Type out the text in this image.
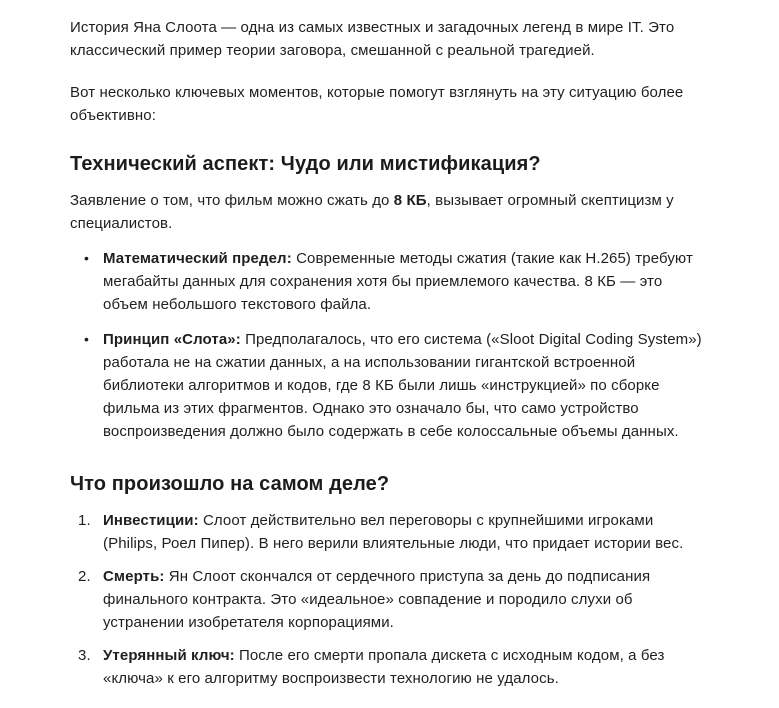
История Яна Слоота — одна из самых известных и загадочных легенд в мире IT. Это классический пример теории заговора, смешанной с реальной трагедией.

Вот несколько ключевых моментов, которые помогут взглянуть на эту ситуацию более объективно:

Технический аспект: Чудо или мистификация?

Заявление о том, что фильм можно сжать до 8 КБ, вызывает огромный скептицизм у специалистов.

• Математический предел: Современные методы сжатия (такие как H.265) требуют мегабайты данных для сохранения хотя бы приемлемого качества. 8 КБ — это объем небольшого текстового файла.
• Принцип «Слота»: Предполагалось, что его система («Sloot Digital Coding System») работала не на сжатии данных, а на использовании гигантской встроенной библиотеки алгоритмов и кодов, где 8 КБ были лишь «инструкцией» по сборке фильма из этих фрагментов. Однако это означало бы, что само устройство воспроизведения должно было содержать в себе колоссальные объемы данных.
Что произошло на самом деле?
1. Инвестиции: Слоот действительно вел переговоры с крупнейшими игроками (Philips, Роел Пипер). В него верили влиятельные люди, что придает истории вес.
2. Смерть: Ян Слоот скончался от сердечного приступа за день до подписания финального контракта. Это «идеальное» совпадение и породило слухи об устранении изобретателя корпорациями.
3. Утерянный ключ: После его смерти пропала дискета с исходным кодом, а без «ключа» к его алгоритму воспроизвести технологию не удалось.
